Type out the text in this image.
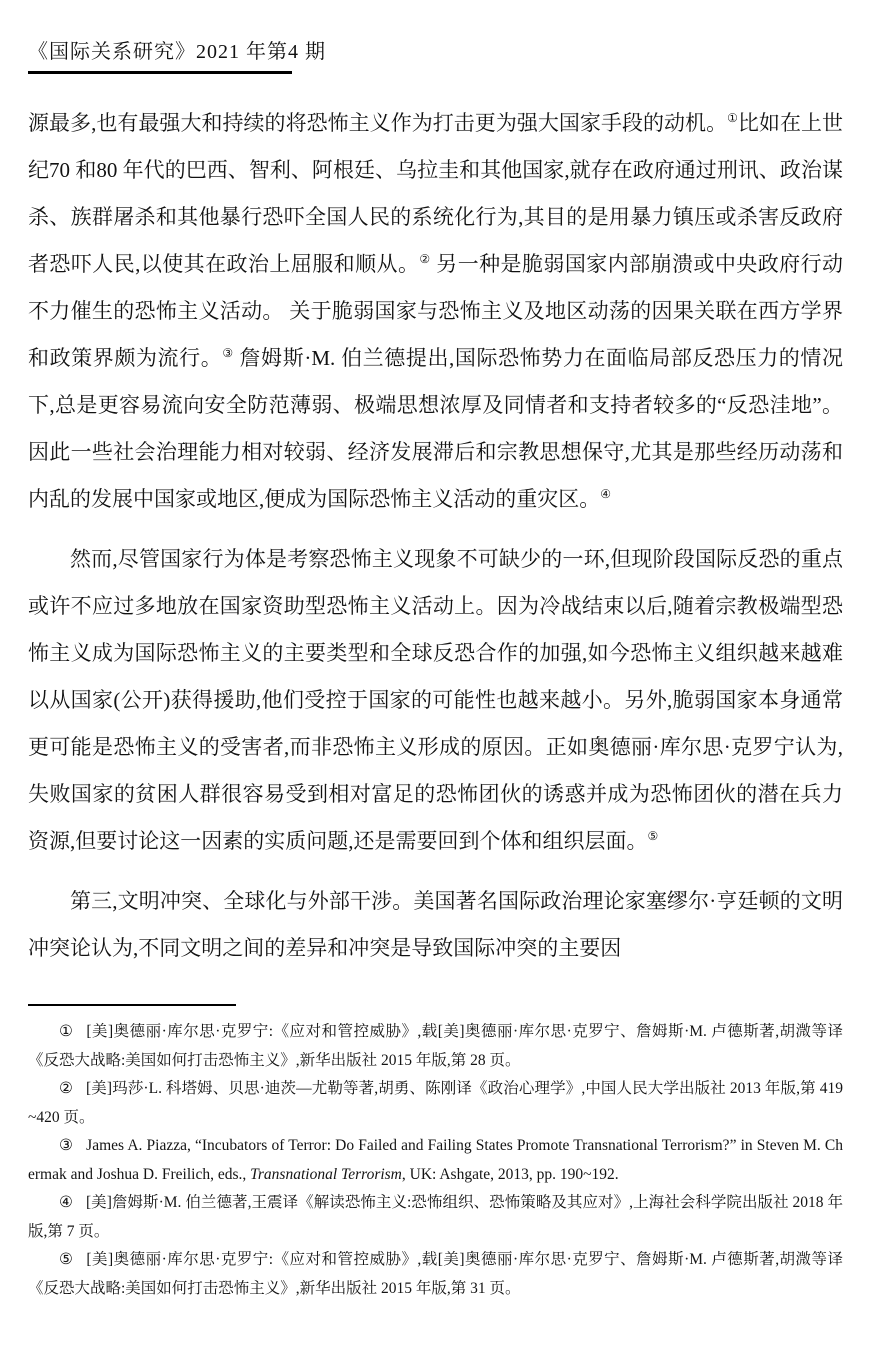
《国际关系研究》2021 年第4 期

源最多,也有最强大和持续的将恐怖主义作为打击更为强大国家手段的动机。①比如在上世纪70 和80 年代的巴西、智利、阿根廷、乌拉圭和其他国家,就存在政府通过刑讯、政治谋杀、族群屠杀和其他暴行恐吓全国人民的系统化行为,其目的是用暴力镇压或杀害反政府者恐吓人民,以使其在政治上屈服和顺从。② 另一种是脆弱国家内部崩溃或中央政府行动不力催生的恐怖主义活动。 关于脆弱国家与恐怖主义及地区动荡的因果关联在西方学界和政策界颇为流行。③ 詹姆斯·M. 伯兰德提出,国际恐怖势力在面临局部反恐压力的情况下,总是更容易流向安全防范薄弱、极端思想浓厚及同情者和支持者较多的“反恐洼地”。 因此一些社会治理能力相对较弱、经济发展滞后和宗教思想保守,尤其是那些经历动荡和内乱的发展中国家或地区,便成为国际恐怖主义活动的重灾区。④

然而,尽管国家行为体是考察恐怖主义现象不可缺少的一环,但现阶段国际反恐的重点或许不应过多地放在国家资助型恐怖主义活动上。因为冷战结束以后,随着宗教极端型恐怖主义成为国际恐怖主义的主要类型和全球反恐合作的加强,如今恐怖主义组织越来越难以从国家(公开)获得援助,他们受控于国家的可能性也越来越小。另外,脆弱国家本身通常更可能是恐怖主义的受害者,而非恐怖主义形成的原因。正如奥德丽·库尔思·克罗宁认为,失败国家的贫困人群很容易受到相对富足的恐怖团伙的诱惑并成为恐怖团伙的潜在兵力资源,但要讨论这一因素的实质问题,还是需要回到个体和组织层面。⑤

第三,文明冲突、全球化与外部干涉。美国著名国际政治理论家塞缪尔·亨廷顿的文明冲突论认为,不同文明之间的差异和冲突是导致国际冲突的主要因

① [美]奥德丽·库尔思·克罗宁:《应对和管控威胁》,载[美]奥德丽·库尔思·克罗宁、詹姆斯·M. 卢德斯著,胡溦等译《反恐大战略:美国如何打击恐怖主义》,新华出版社 2015 年版,第 28 页。

② [美]玛莎·L. 科塔姆、贝思·迪茨—尤勒等著,胡勇、陈刚译《政治心理学》,中国人民大学出版社 2013 年版,第 419~420 页。

③ James A. Piazza, “Incubators of Terror: Do Failed and Failing States Promote Transnational Terrorism?” in Steven M. Chermak and Joshua D. Freilich, eds., Transnational Terrorism, UK: Ashgate, 2013, pp. 190~192.

④ [美]詹姆斯·M. 伯兰德著,王震译《解读恐怖主义:恐怖组织、恐怖策略及其应对》,上海社会科学院出版社 2018 年版,第 7 页。

⑤ [美]奥德丽·库尔思·克罗宁:《应对和管控威胁》,载[美]奥德丽·库尔思·克罗宁、詹姆斯·M. 卢德斯著,胡溦等译《反恐大战略:美国如何打击恐怖主义》,新华出版社 2015 年版,第 31 页。
